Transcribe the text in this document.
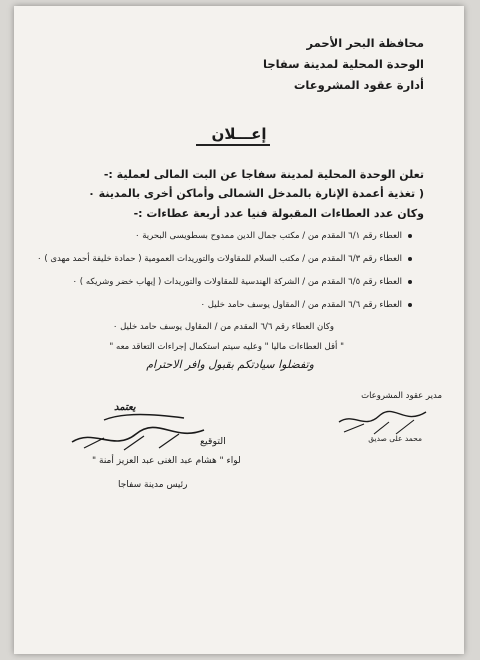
محافظة البحر الأحمر
الوحدة المحلية لمدينة سفاجا
أدارة عقود المشروعات
إعـــلان
تعلن الوحدة المحلية لمدينة سفاجا عن البت المالى لعملية :-
( تغذية أعمدة الإنارة بالمدخل الشمالى وأماكن أخرى بالمدينة ٠
وكان عدد العطاءات المقبولة فنيا عدد أربعة عطاءات :-
العطاء رقم ٦/١ المقدم من / مكتب جمال الدين ممدوح بسطويسى البحرية ٠
العطاء رقم ٦/٣ المقدم من / مكتب السلام للمقاولات والتوريدات العمومية ( حمادة خليفة أحمد مهدى ) ٠
العطاء رقم ٦/٥ المقدم من / الشركة الهندسية للمقاولات والتوريدات ( إيهاب خضر وشريكه ) ٠
العطاء رقم ٦/٦ المقدم من / المقاول يوسف حامد خليل ٠
وكان العطاء رقم ٦/٦ المقدم من / المقاول يوسف حامد خليل ٠
" أقل العطاءات ماليا " وعليه سيتم استكمال إجراءات التعاقد معه "
وتفضلوا سيادتكم بقبول وافر الاحترام
مدير عقود المشروعات
محمد على صديق
يعتمد
التوقيع
لواء " هشام عبد الغنى عبد العزيز أمنة "
رئيس مدينة سفاجا
